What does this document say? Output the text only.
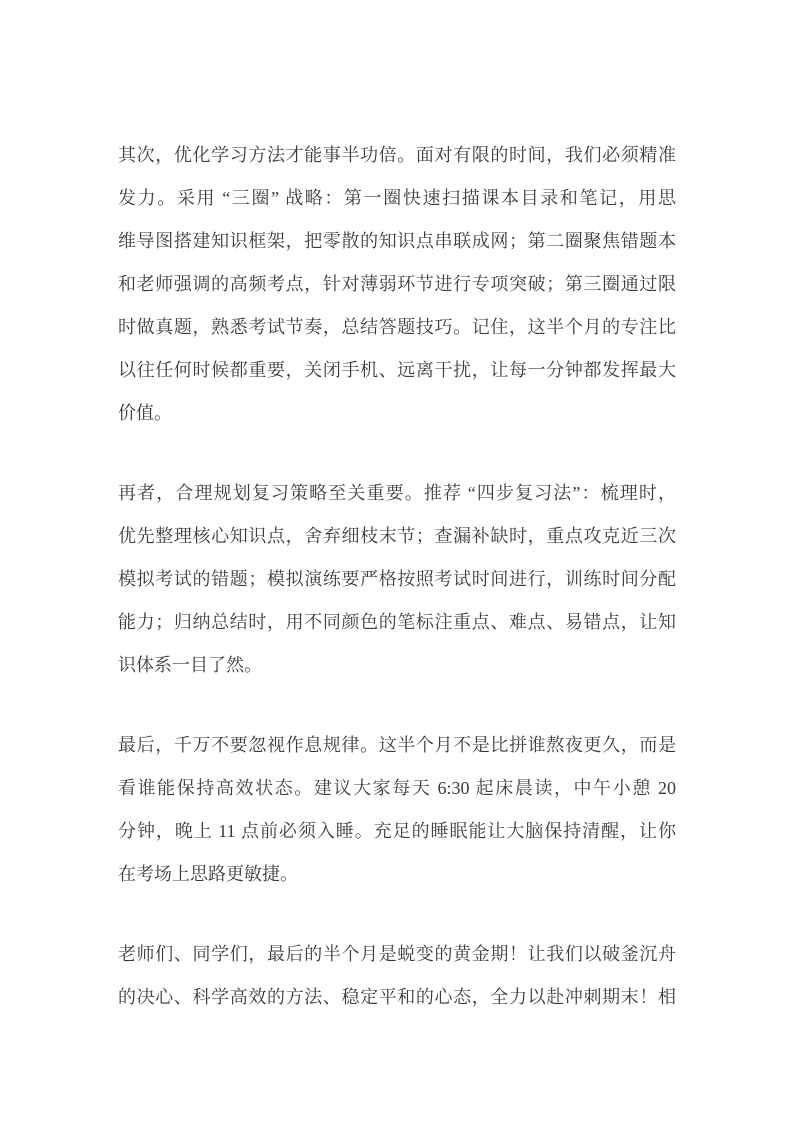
其次，优化学习方法才能事半功倍。面对有限的时间，我们必须精准
发力。采用 “三圈” 战略：第一圈快速扫描课本目录和笔记，用思
维导图搭建知识框架，把零散的知识点串联成网；第二圈聚焦错题本
和老师强调的高频考点，针对薄弱环节进行专项突破；第三圈通过限
时做真题，熟悉考试节奏，总结答题技巧。记住，这半个月的专注比
以往任何时候都重要，关闭手机、远离干扰，让每一分钟都发挥最大
价值。
再者，合理规划复习策略至关重要。推荐 “四步复习法”：梳理时，
优先整理核心知识点，舍弃细枝末节；查漏补缺时，重点攻克近三次
模拟考试的错题；模拟演练要严格按照考试时间进行，训练时间分配
能力；归纳总结时，用不同颜色的笔标注重点、难点、易错点，让知
识体系一目了然。
最后，千万不要忽视作息规律。这半个月不是比拼谁熬夜更久，而是
看谁能保持高效状态。建议大家每天 6:30 起床晨读，中午小憩 20
分钟，晚上 11 点前必须入睡。充足的睡眠能让大脑保持清醒，让你
在考场上思路更敏捷。
老师们、同学们，最后的半个月是蜕变的黄金期！让我们以破釜沉舟
的决心、科学高效的方法、稳定平和的心态，全力以赴冲刺期末！相
